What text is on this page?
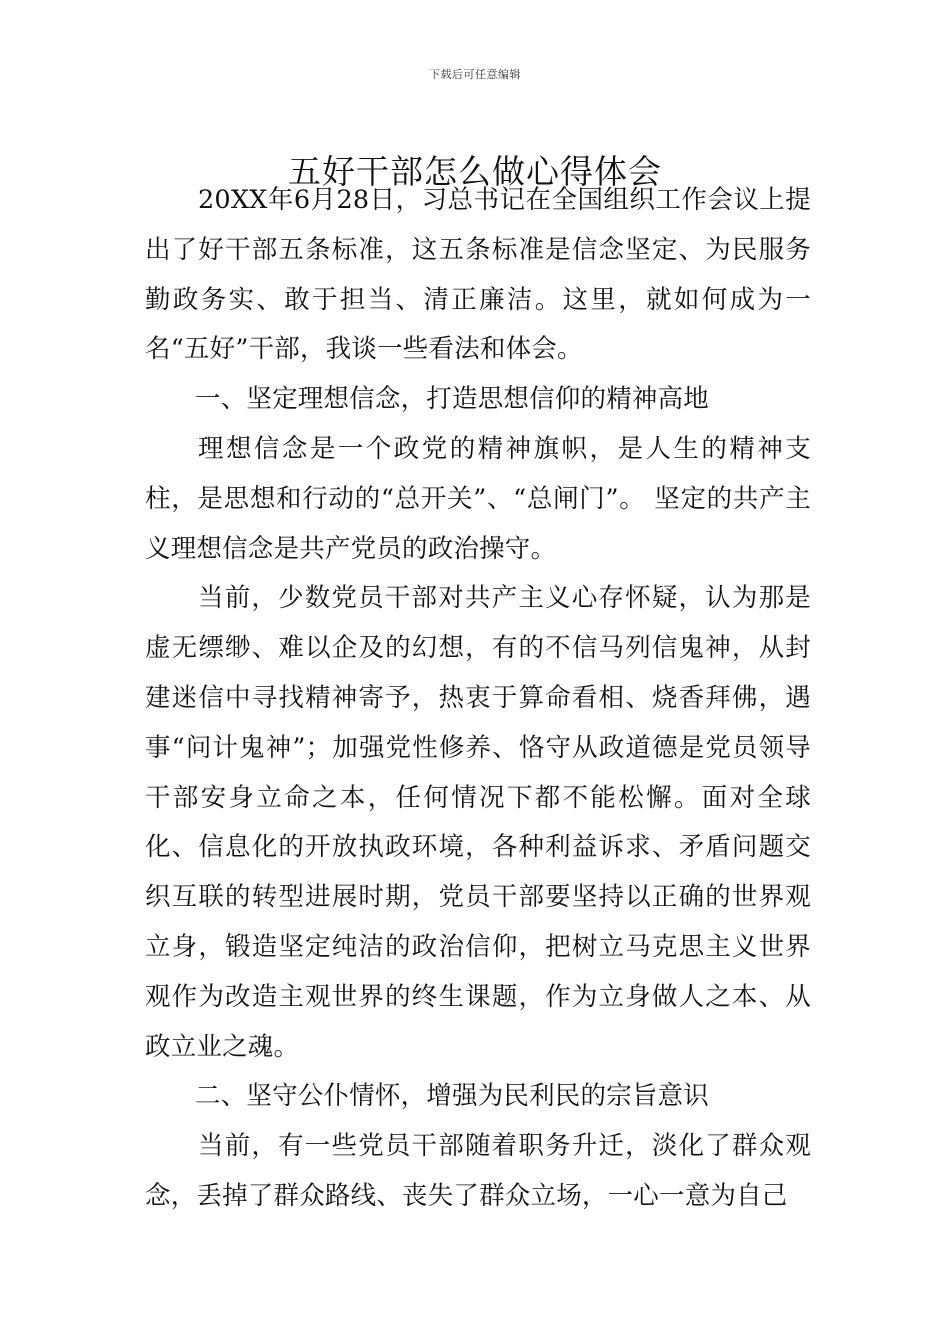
下载后可任意编辑
五好干部怎么做心得体会

20XX年6月28日，习总书记在全国组织工作会议上提出了好干部五条标准，这五条标准是信念坚定、为民服务勤政务实、敢于担当、清正廉洁。这里，就如何成为一名“五好”干部，我谈一些看法和体会。

一、坚定理想信念，打造思想信仰的精神高地

理想信念是一个政党的精神旗帜，是人生的精神支柱，是思想和行动的“总开关”、“总闸门”。 坚定的共产主义理想信念是共产党员的政治操守。

当前，少数党员干部对共产主义心存怀疑，认为那是虚无缥缈、难以企及的幻想，有的不信马列信鬼神，从封建迷信中寻找精神寄予，热衷于算命看相、烧香拜佛，遇事“问计鬼神”；加强党性修养、恪守从政道德是党员领导干部安身立命之本，任何情况下都不能松懈。面对全球化、信息化的开放执政环境，各种利益诉求、矛盾问题交织互联的转型进展时期，党员干部要坚持以正确的世界观立身，锻造坚定纯洁的政治信仰，把树立马克思主义世界观作为改造主观世界的终生课题，作为立身做人之本、从政立业之魂。

二、坚守公仆情怀，增强为民利民的宗旨意识

当前，有一些党员干部随着职务升迁，淡化了群众观念，丢掉了群众路线、丧失了群众立场，一心一意为自己
